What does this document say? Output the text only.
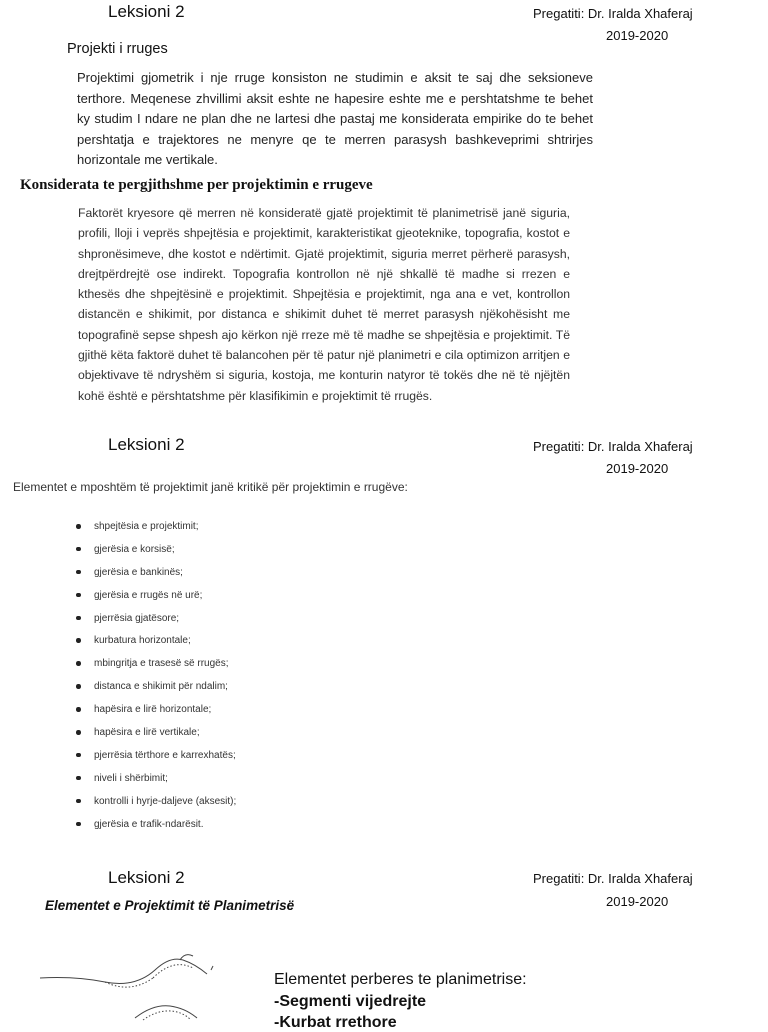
Leksioni 2	Pregatiti: Dr. Iralda Xhaferaj
2019-2020
Projekti i rruges
Projektimi gjometrik i nje rruge konsiston ne studimin e aksit te saj dhe seksioneve terthore. Meqenese zhvillimi aksit eshte ne hapesire eshte me e pershtatshme te behet ky studim I ndare ne plan dhe ne lartesi dhe pastaj me konsiderata empirike do te behet pershtatja e trajektores ne menyre qe te merren parasysh bashkeveprimi shtrirjes horizontale me vertikale.
Konsiderata te pergjithshme per projektimin e rrugeve
Faktorët kryesore që merren në konsideratë gjatë projektimit të planimetrisë janë siguria, profili, lloji i veprës shpejtësia e projektimit, karakteristikat gjeoteknike, topografia, kostot e shpronësimeve, dhe kostot e ndërtimit. Gjatë projektimit, siguria merret përherë parasysh, drejtpërdrejtë ose indirekt. Topografia kontrollon në një shkallë të madhe si rrezen e kthesës dhe shpejtësinë e projektimit. Shpejtësia e projektimit, nga ana e vet, kontrollon distancën e shikimit, por distanca e shikimit duhet të merret parasysh njëkohësisht me topografinë sepse shpesh ajo kërkon një rreze më të madhe se shpejtësia e projektimit. Të gjithë këta faktorë duhet të balancohen për të patur një planimetri e cila optimizon arritjen e objektivave të ndryshëm si siguria, kostoja, me konturin natyror të tokës dhe në të njëjtën kohë është e përshtatshme për klasifikimin e projektimit të rrugës.
Leksioni 2	Pregatiti: Dr. Iralda Xhaferaj
2019-2020
Elementet e mposhtëm të projektimit janë kritikë për projektimin e rrugëve:
shpejtësia e projektimit;
gjerësia e korsisë;
gjerësia e bankinës;
gjerësia e rrugës në urë;
pjerrësia gjatësore;
kurbatura horizontale;
mbingritja e trasesë së rrugës;
distanca e shikimit për ndalim;
hapësira e lirë horizontale;
hapësira e lirë vertikale;
pjerrësia tërthore e karrexhatës;
niveli i shërbimit;
kontrolli i hyrje-daljeve (aksesit);
gjerësia e trafik-ndarësit.
Leksioni 2	Pregatiti: Dr. Iralda Xhaferaj
2019-2020
Elementet e Projektimit të Planimetrisë
Elementet perberes te planimetrise:
-Segmenti vijedrejte
-Kurbat rrethore
